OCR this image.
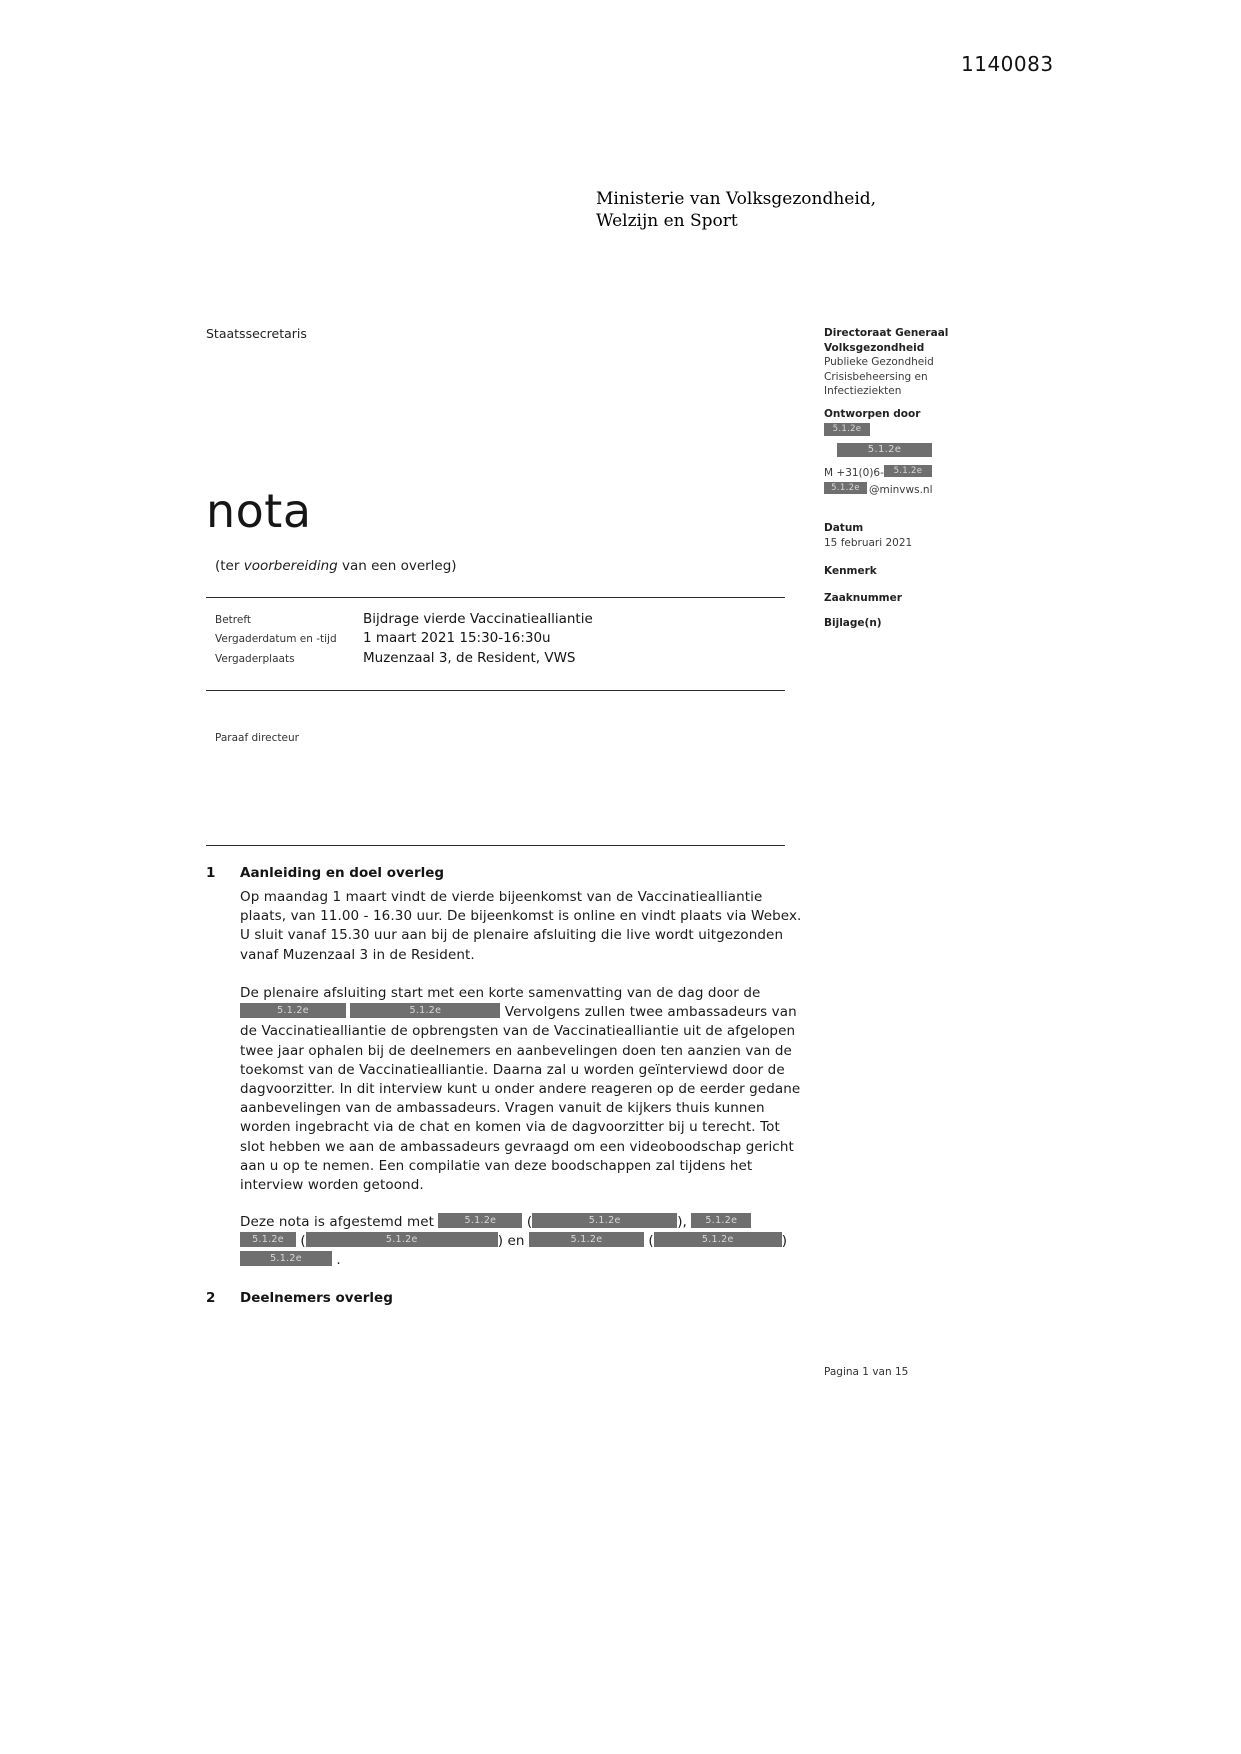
1140083
Ministerie van Volksgezondheid,
Welzijn en Sport
Staatssecretaris	Directoraat Generaal
Volksgezondheid
Publieke Gezondheid
Crisisbeheersing en
Infectieziekten
Ontworpen door
5.1.2e
5.1.2e
M +31(0)6- 5.1.2e
5.1.2e @minvws.nl
Datum
15 februari 2021
Kenmerk
Zaaknummer
Bijlage(n)
nota
(ter voorbereiding van een overleg)
Betreft	Bijdrage vierde Vaccinatiealliantie
Vergaderdatum en -tijd	1 maart 2021 15:30-16:30u
Vergaderplaats	Muzenzaal 3, de Resident, VWS
Paraaf directeur
1	Aanleiding en doel overleg
Op maandag 1 maart vindt de vierde bijeenkomst van de Vaccinatiealliantie plaats, van 11.00 - 16.30 uur. De bijeenkomst is online en vindt plaats via Webex. U sluit vanaf 15.30 uur aan bij de plenaire afsluiting die live wordt uitgezonden vanaf Muzenzaal 3 in de Resident.
De plenaire afsluiting start met een korte samenvatting van de dag door de 5.1.2e	5.1.2e	Vervolgens zullen twee ambassadeurs van de Vaccinatiealliantie de opbrengsten van de Vaccinatiealliantie uit de afgelopen twee jaar ophalen bij de deelnemers en aanbevelingen doen ten aanzien van de toekomst van de Vaccinatiealliantie. Daarna zal u worden geïnterviewd door de dagvoorzitter. In dit interview kunt u onder andere reageren op de eerder gedane aanbevelingen van de ambassadeurs. Vragen vanuit de kijkers thuis kunnen worden ingebracht via de chat en komen via de dagvoorzitter bij u terecht. Tot slot hebben we aan de ambassadeurs gevraagd om een videoboodschap gericht aan u op te nemen. Een compilatie van deze boodschappen zal tijdens het interview worden getoond.
Deze nota is afgestemd met	5.1.2e (	5.1.2e	), 5.1.2e 5.1.2e (	5.1.2e	) en	5.1.2e	(	5.1.2e	) 5.1.2e .
2	Deelnemers overleg
Pagina 1 van 15
